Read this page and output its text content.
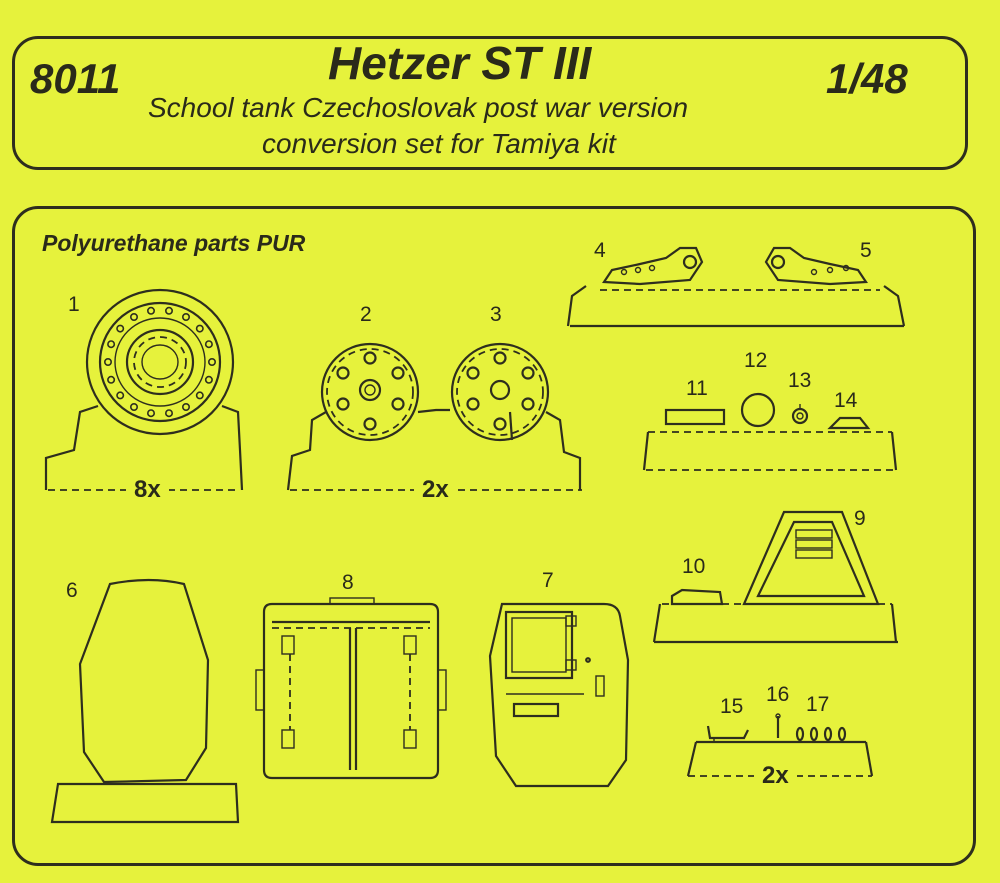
8011	Hetzer ST III	1/48
School tank Czechoslovak post war version
conversion set for Tamiya kit
Polyurethane parts PUR
1	2	3
4	5
6	7
8
9
10
11
12
13
14
15
16 17
8x	2x
2x
